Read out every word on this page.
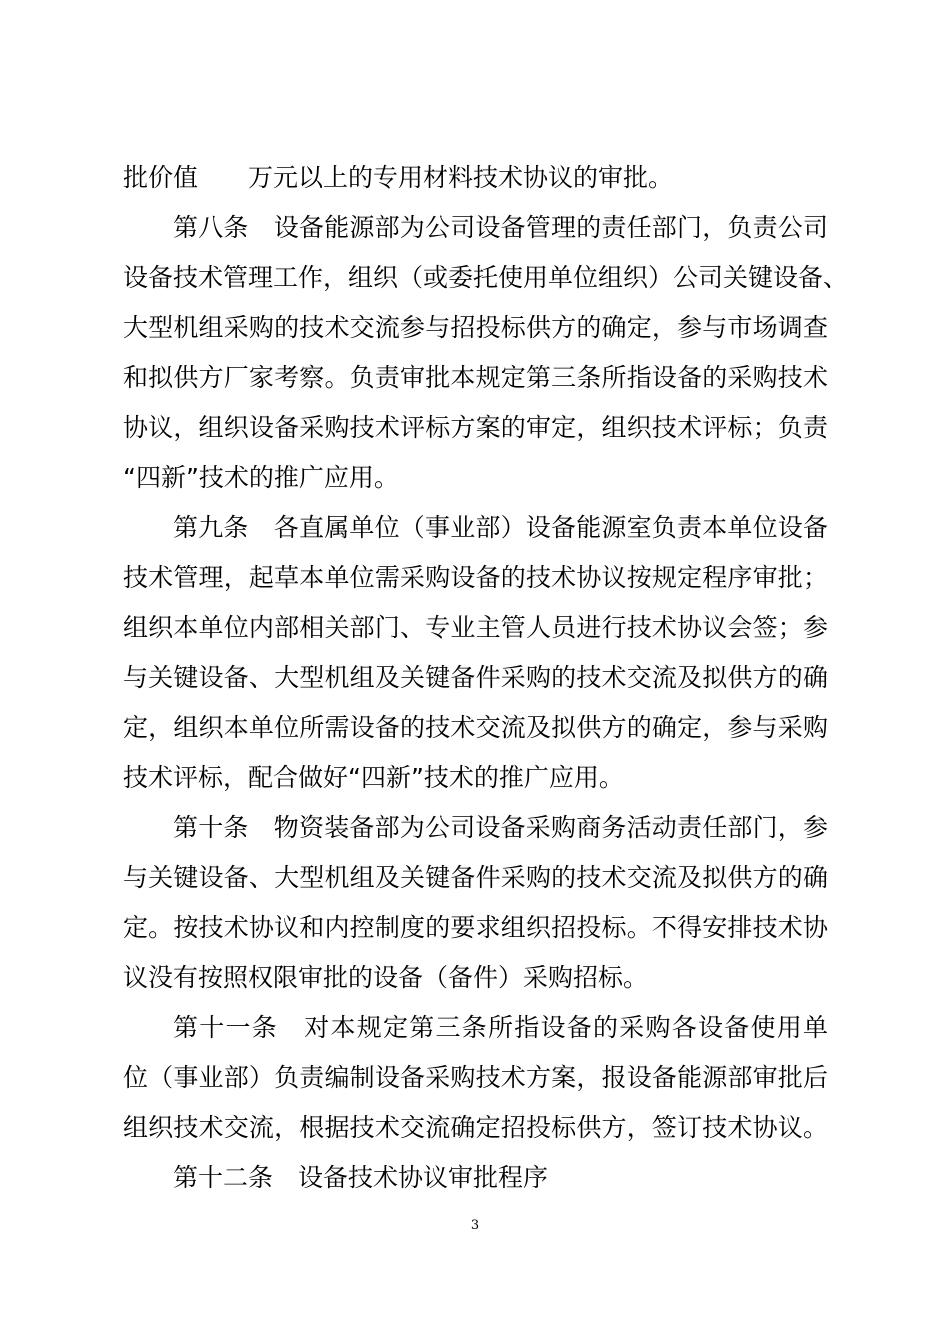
批价值　　万元以上的专用材料技术协议的审批。
第八条　设备能源部为公司设备管理的责任部门，负责公司
设备技术管理工作，组织（或委托使用单位组织）公司关键设备、
大型机组采购的技术交流参与招投标供方的确定，参与市场调查
和拟供方厂家考察。负责审批本规定第三条所指设备的采购技术
协议，组织设备采购技术评标方案的审定，组织技术评标；负责
“四新”技术的推广应用。
第九条　各直属单位（事业部）设备能源室负责本单位设备
技术管理，起草本单位需采购设备的技术协议按规定程序审批；
组织本单位内部相关部门、专业主管人员进行技术协议会签；参
与关键设备、大型机组及关键备件采购的技术交流及拟供方的确
定，组织本单位所需设备的技术交流及拟供方的确定，参与采购
技术评标，配合做好“四新”技术的推广应用。
第十条　物资装备部为公司设备采购商务活动责任部门，参
与关键设备、大型机组及关键备件采购的技术交流及拟供方的确
定。按技术协议和内控制度的要求组织招投标。不得安排技术协
议没有按照权限审批的设备（备件）采购招标。
第十一条　对本规定第三条所指设备的采购各设备使用单
位（事业部）负责编制设备采购技术方案，报设备能源部审批后
组织技术交流，根据技术交流确定招投标供方，签订技术协议。
第十二条　设备技术协议审批程序
3
